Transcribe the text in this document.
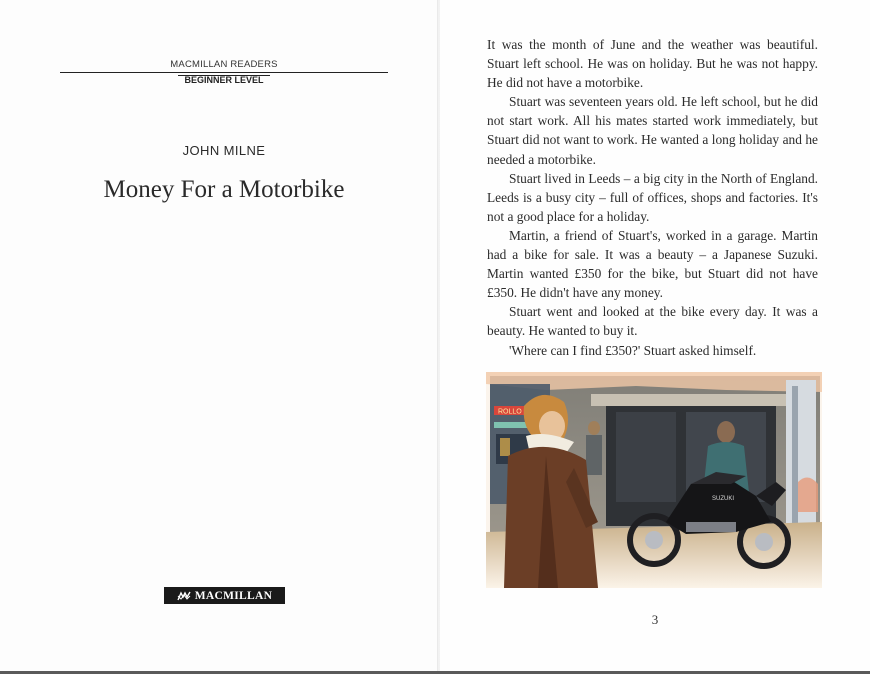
MACMILLAN READERS
BEGINNER LEVEL
JOHN MILNE
Money For a Motorbike
MACMILLAN

It was the month of June and the weather was beautiful. Stuart left school. He was on holiday. But he was not happy. He did not have a motorbike.

Stuart was seventeen years old. He left school, but he did not start work. All his mates started work immediately, but Stuart did not want to work. He wanted a long holiday and he needed a motorbike.

Stuart lived in Leeds – a big city in the North of England. Leeds is a busy city – full of offices, shops and factories. It's not a good place for a holiday.

Martin, a friend of Stuart's, worked in a garage. Martin had a bike for sale. It was a beauty – a Japanese Suzuki. Martin wanted £350 for the bike, but Stuart did not have £350. He didn't have any money.

Stuart went and looked at the bike every day. It was a beauty. He wanted to buy it.

'Where can I find £350?' Stuart asked himself.

ROLLO
SUZUKI
3
